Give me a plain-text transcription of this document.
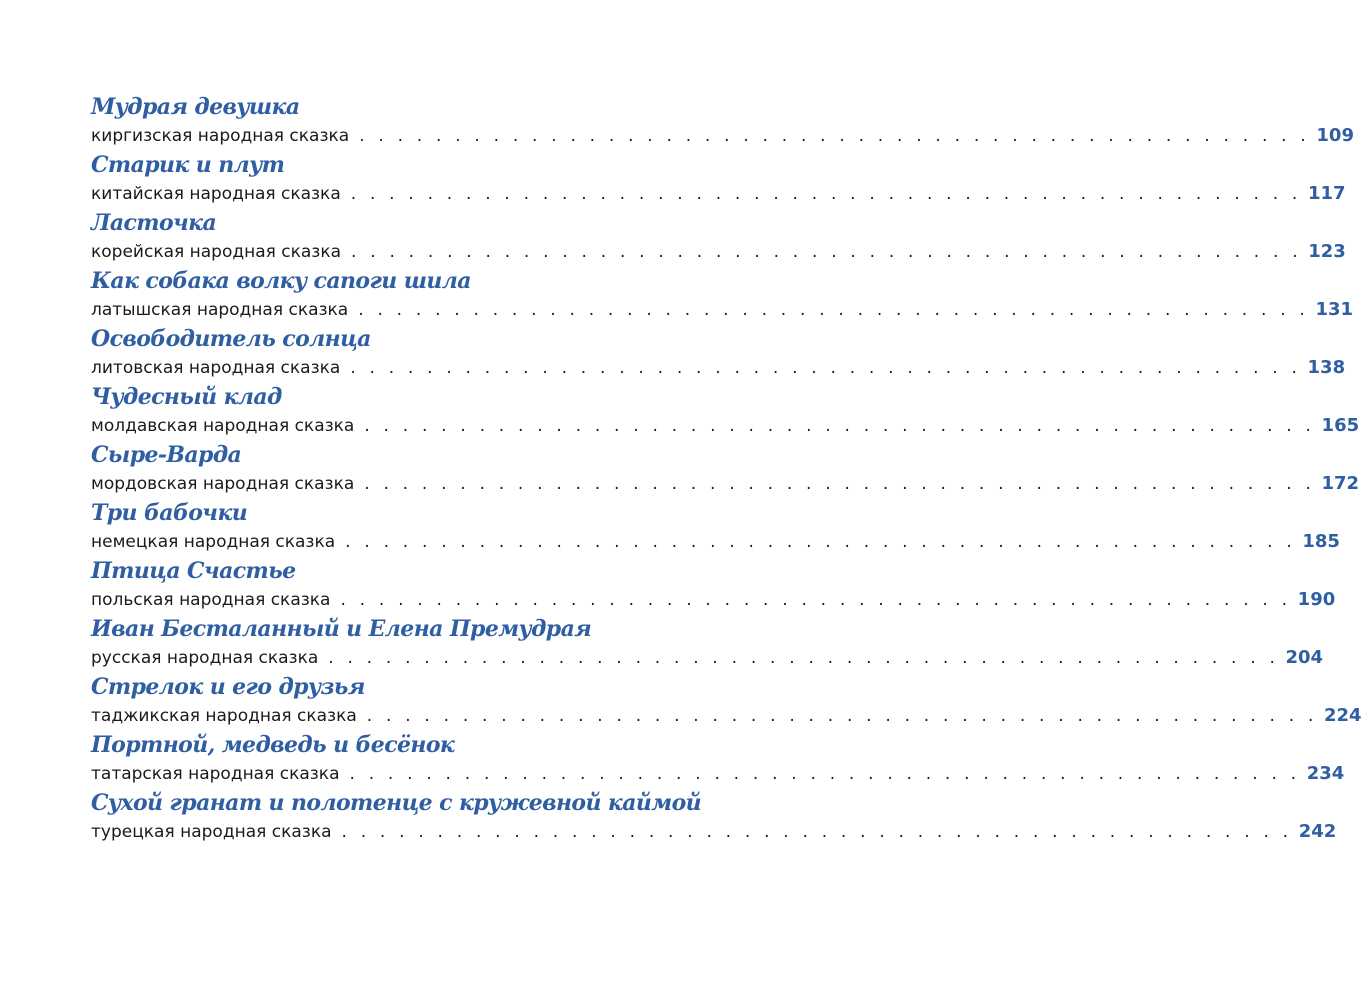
Мудрая девушка
киргизская народная сказка . . . . . . . . . . . . . . . . . . . . . . . . . . . . . . . . . . . . . . . . . . . . . . . . . . 109
Старик и плут
китайская народная сказка . . . . . . . . . . . . . . . . . . . . . . . . . . . . . . . . . . . . . . . . . . . . . . . . . . 117
Ласточка
корейская народная сказка . . . . . . . . . . . . . . . . . . . . . . . . . . . . . . . . . . . . . . . . . . . . . . . . . . 123
Как собака волку сапоги шила
латышская народная сказка . . . . . . . . . . . . . . . . . . . . . . . . . . . . . . . . . . . . . . . . . . . . . . . . . . 131
Освободитель солнца
литовская народная сказка . . . . . . . . . . . . . . . . . . . . . . . . . . . . . . . . . . . . . . . . . . . . . . . . . . 138
Чудесный клад
молдавская народная сказка . . . . . . . . . . . . . . . . . . . . . . . . . . . . . . . . . . . . . . . . . . . . . . . . . . 165
Сыре-Варда
мордовская народная сказка . . . . . . . . . . . . . . . . . . . . . . . . . . . . . . . . . . . . . . . . . . . . . . . . . . 172
Три бабочки
немецкая народная сказка . . . . . . . . . . . . . . . . . . . . . . . . . . . . . . . . . . . . . . . . . . . . . . . . . . 185
Птица Счастье
польская народная сказка . . . . . . . . . . . . . . . . . . . . . . . . . . . . . . . . . . . . . . . . . . . . . . . . . . 190
Иван Бесталанный и Елена Премудрая
русская народная сказка . . . . . . . . . . . . . . . . . . . . . . . . . . . . . . . . . . . . . . . . . . . . . . . . . . 204
Стрелок и его друзья
таджикская народная сказка . . . . . . . . . . . . . . . . . . . . . . . . . . . . . . . . . . . . . . . . . . . . . . . . . . 224
Портной, медведь и бесёнок
татарская народная сказка . . . . . . . . . . . . . . . . . . . . . . . . . . . . . . . . . . . . . . . . . . . . . . . . . . 234
Сухой гранат и полотенце с кружевной каймой
турецкая народная сказка . . . . . . . . . . . . . . . . . . . . . . . . . . . . . . . . . . . . . . . . . . . . . . . . . . 242
